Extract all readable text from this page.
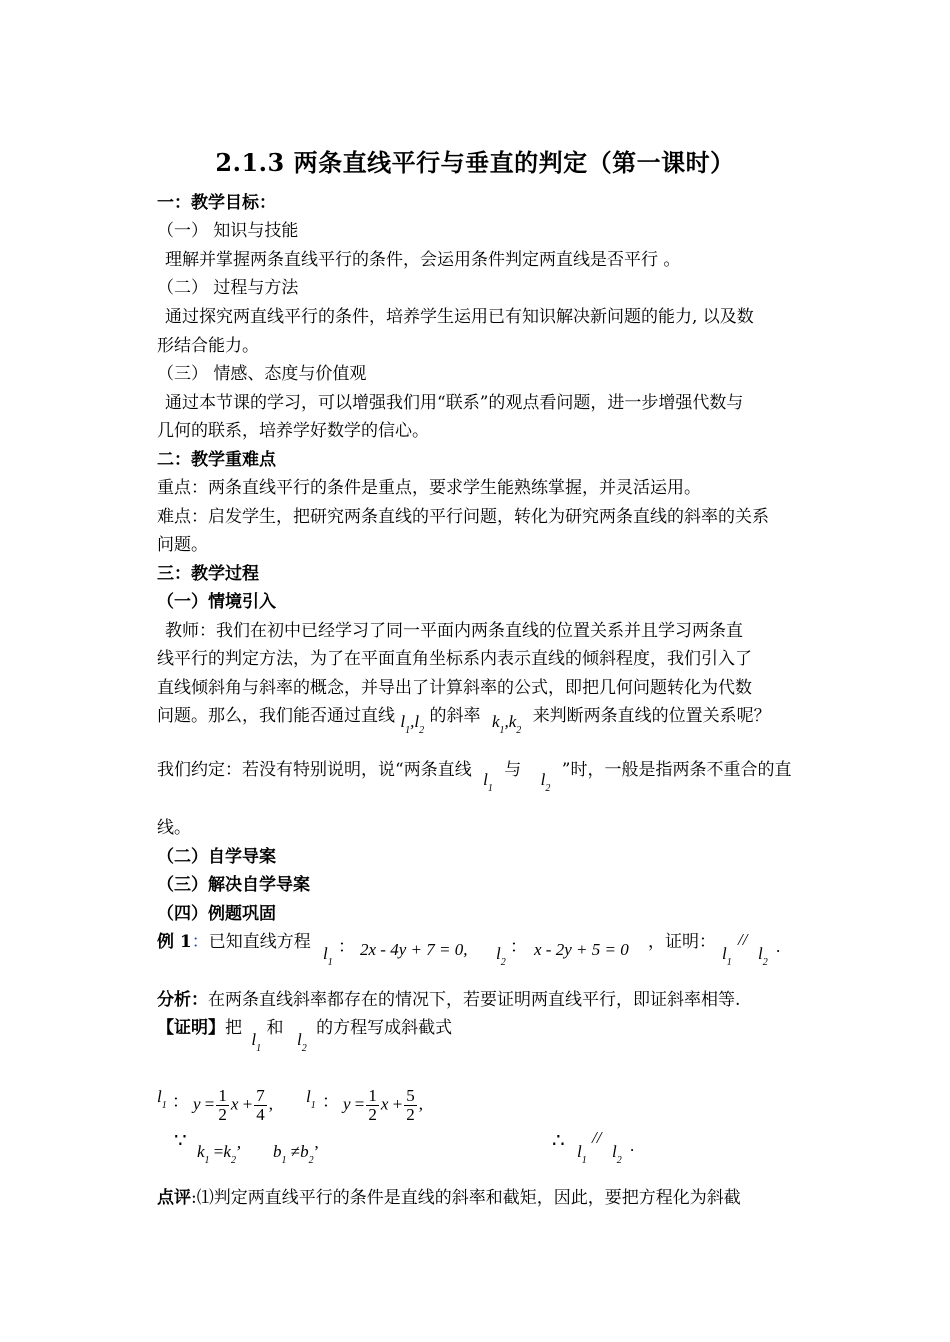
2.1.3 两条直线平行与垂直的判定（第一课时）
一：教学目标：
（一） 知识与技能
理解并掌握两条直线平行的条件，会运用条件判定两直线是否平行 。
（二） 过程与方法
通过探究两直线平行的条件，培养学生运用已有知识解决新问题的能力, 以及数
形结合能力。
（三） 情感、态度与价值观
通过本节课的学习，可以增强我们用“联系”的观点看问题，进一步增强代数与
几何的联系，培养学好数学的信心。
二：教学重难点
重点：两条直线平行的条件是重点，要求学生能熟练掌握，并灵活运用。
难点：启发学生，把研究两条直线的平行问题，转化为研究两条直线的斜率的关系
问题。
三：教学过程
（一）情境引入
教师：我们在初中已经学习了同一平面内两条直线的位置关系并且学习两条直
线平行的判定方法，为了在平面直角坐标系内表示直线的倾斜程度，我们引入了
直线倾斜角与斜率的概念，并导出了计算斜率的公式，即把几何问题转化为代数
问题。那么，我们能否通过直线 $l_1,l_2$ 的斜率 $k_1,k_2$ 来判断两条直线的位置关系呢？
我们约定：若没有特别说明，说“两条直线 $l_1$ 与 $l_2$ ”时，一般是指两条不重合的直
线。
（二）自学导案
（三）解决自学导案
（四）例题巩固
例 1：已知直线方程
$l_1$
： 2x - 4y + 7 = 0, $l_2$
： x - 2y + 5 = 0 ，证明：
$l_1$
//
$l_2$
.
分析：在两条直线斜率都存在的情况下，若要证明两直线平行，即证斜率相等.
【证明】把 $l_1$ 和 $l_2$ 的方程写成斜截式
$l_1$ ： $y = \frac{1}{2}$ $x + \frac{7}{4}$ , $l_1$ ： $y = \frac{1}{2}$ $x + \frac{5}{2}$ ,
∵ $k_1 =k_2$’ $b_1 \ne b_2$’	∴ $l_1$
//
$l_2$
.
点评:⑴判定两直线平行的条件是直线的斜率和截矩，因此，要把方程化为斜截
